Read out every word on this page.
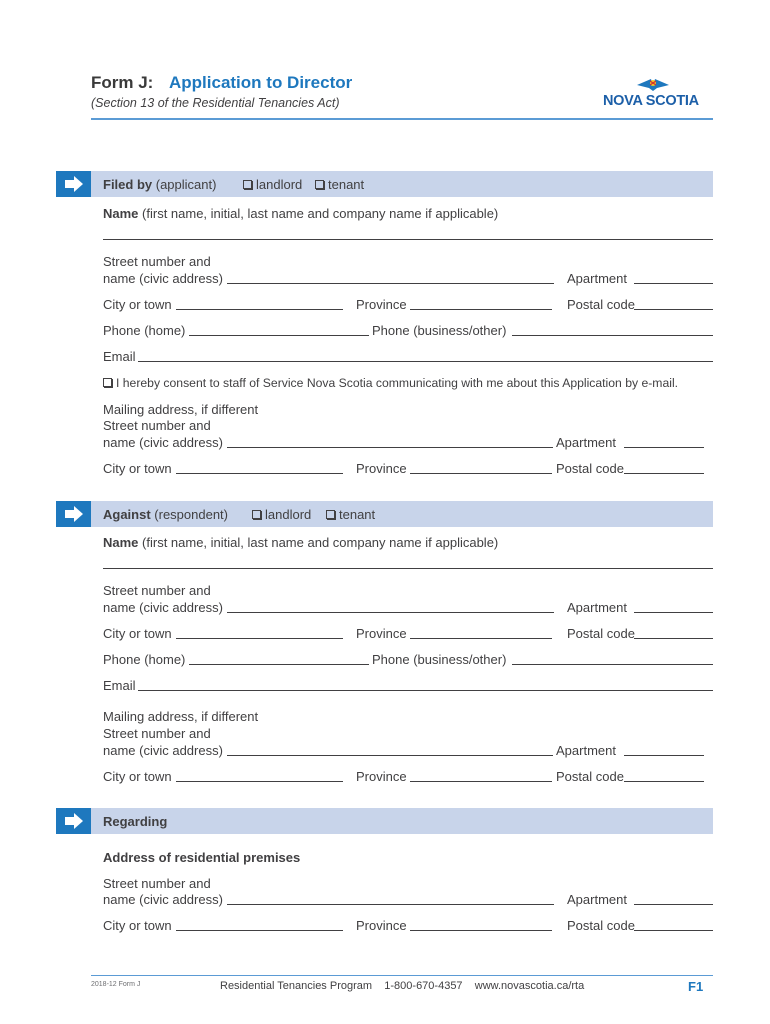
Form J: Application to Director
(Section 13 of the Residential Tenancies Act)	NOVA SCOTIA
Filed by (applicant)	landlord	tenant
Name (first name, initial, last name and company name if applicable)
Street number and
name (civic address)	Apartment
City or town	Province	Postal code
Phone (home)	Phone (business/other)
Email
I hereby consent to staff of Service Nova Scotia communicating with me about this Application by e-mail.
Mailing address, if different
Street number and
name (civic address)	Apartment
City or town	Province	Postal code
Against (respondent)	landlord	tenant
Name (first name, initial, last name and company name if applicable)
Street number and
name (civic address)	Apartment
City or town	Province	Postal code
Phone (home)	Phone (business/other)
Email
Mailing address, if different
Street number and
name (civic address)	Apartment
City or town	Province	Postal code
Regarding
Address of residential premises
Street number and
name (civic address)	Apartment
City or town	Province	Postal code
2018-12 Form J	Residential Tenancies Program    1-800-670-4357    www.novascotia.ca/rta	F1
